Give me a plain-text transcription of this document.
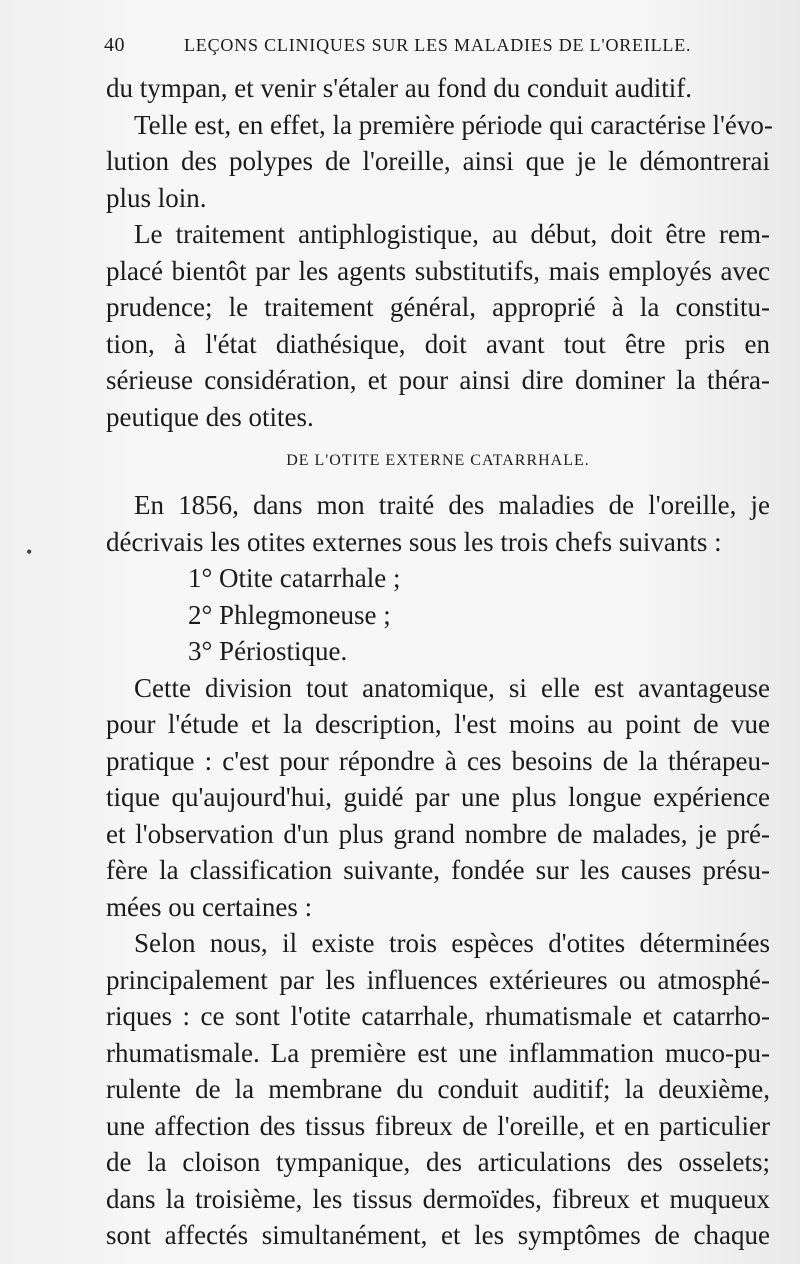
40	LEÇONS CLINIQUES SUR LES MALADIES DE L'OREILLE.
•
du tympan, et venir s'étaler au fond du conduit auditif.
Telle est, en effet, la première période qui caractérise l'évo-
lution des polypes de l'oreille, ainsi que je le démontrerai
plus loin.
Le traitement antiphlogistique, au début, doit être rem-
placé bientôt par les agents substitutifs, mais employés avec
prudence; le traitement général, approprié à la constitu-
tion, à l'état diathésique, doit avant tout être pris en
sérieuse considération, et pour ainsi dire dominer la théra-
peutique des otites.
DE L'OTITE EXTERNE CATARRHALE.
En 1856, dans mon traité des maladies de l'oreille, je
décrivais les otites externes sous les trois chefs suivants :
1° Otite catarrhale ;
2° Phlegmoneuse ;
3° Périostique.
Cette division tout anatomique, si elle est avantageuse
pour l'étude et la description, l'est moins au point de vue
pratique : c'est pour répondre à ces besoins de la thérapeu-
tique qu'aujourd'hui, guidé par une plus longue expérience
et l'observation d'un plus grand nombre de malades, je pré-
fère la classification suivante, fondée sur les causes présu-
mées ou certaines :
Selon nous, il existe trois espèces d'otites déterminées
principalement par les influences extérieures ou atmosphé-
riques : ce sont l'otite catarrhale, rhumatismale et catarrho-
rhumatismale. La première est une inflammation muco-pu-
rulente de la membrane du conduit auditif; la deuxième,
une affection des tissus fibreux de l'oreille, et en particulier
de la cloison tympanique, des articulations des osselets;
dans la troisième, les tissus dermoïdes, fibreux et muqueux
sont affectés simultanément, et les symptômes de chaque
